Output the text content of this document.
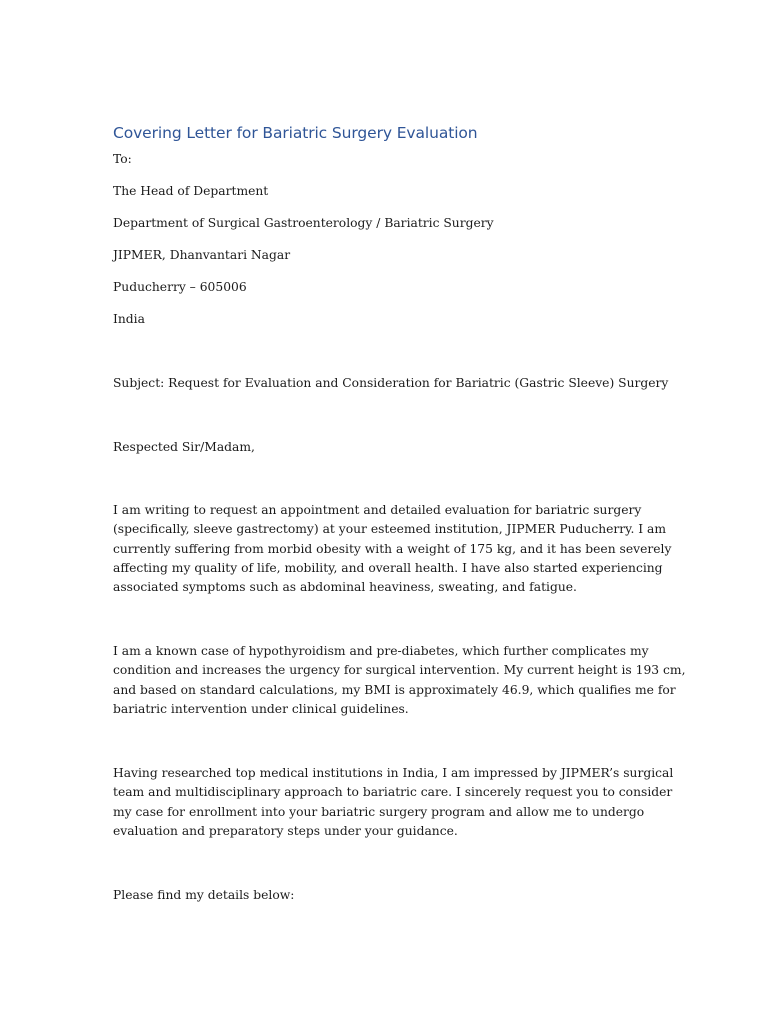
Covering Letter for Bariatric Surgery Evaluation

To:

The Head of Department

Department of Surgical Gastroenterology / Bariatric Surgery

JIPMER, Dhanvantari Nagar

Puducherry – 605006

India

Subject: Request for Evaluation and Consideration for Bariatric (Gastric Sleeve) Surgery

Respected Sir/Madam,

I am writing to request an appointment and detailed evaluation for bariatric surgery
(specifically, sleeve gastrectomy) at your esteemed institution, JIPMER Puducherry. I am
currently suffering from morbid obesity with a weight of 175 kg, and it has been severely
affecting my quality of life, mobility, and overall health. I have also started experiencing
associated symptoms such as abdominal heaviness, sweating, and fatigue.
I am a known case of hypothyroidism and pre-diabetes, which further complicates my
condition and increases the urgency for surgical intervention. My current height is 193 cm,
and based on standard calculations, my BMI is approximately 46.9, which qualifies me for
bariatric intervention under clinical guidelines.
Having researched top medical institutions in India, I am impressed by JIPMER’s surgical
team and multidisciplinary approach to bariatric care. I sincerely request you to consider
my case for enrollment into your bariatric surgery program and allow me to undergo
evaluation and preparatory steps under your guidance.

Please find my details below:
